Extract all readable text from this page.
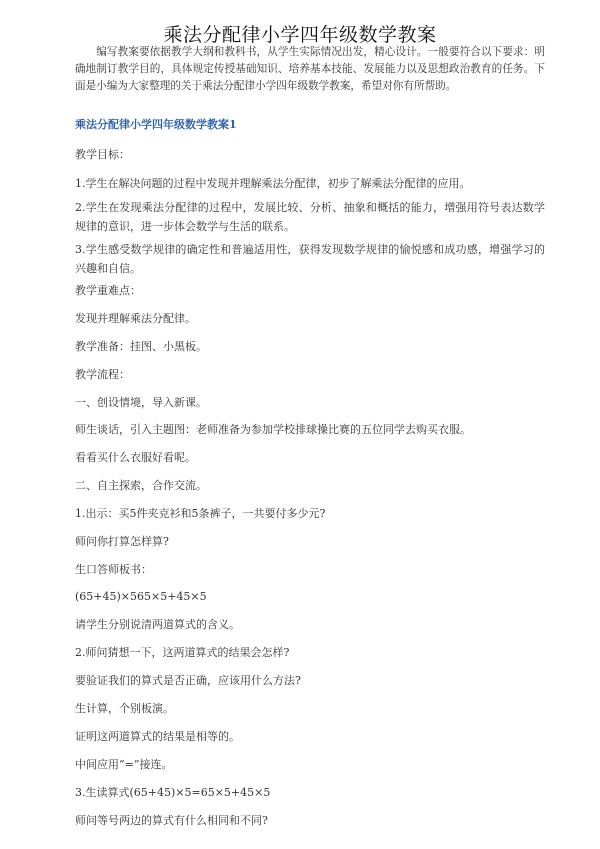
乘法分配律小学四年级数学教案
编写教案要依据教学大纲和教科书，从学生实际情况出发，精心设计。一般要符合以下要求：明确地制订教学目的，具体规定传授基础知识、培养基本技能、发展能力以及思想政治教育的任务。下面是小编为大家整理的关于乘法分配律小学四年级数学教案，希望对你有所帮助。
乘法分配律小学四年级数学教案1
教学目标：
1.学生在解决问题的过程中发现并理解乘法分配律，初步了解乘法分配律的应用。
2.学生在发现乘法分配律的过程中，发展比较、分析、抽象和概括的能力，增强用符号表达数学规律的意识，进一步体会数学与生活的联系。
3.学生感受数学规律的确定性和普遍适用性，获得发现数学规律的愉悦感和成功感，增强学习的兴趣和自信。
教学重难点：
发现并理解乘法分配律。
教学准备：挂图、小黑板。
教学流程：
一、创设情境，导入新课。
师生谈话，引入主题图：老师准备为参加学校排球操比赛的五位同学去购买衣服。
看看买什么衣服好看呢。
二、自主探索，合作交流。
1.出示：买5件夹克衫和5条裤子，一共要付多少元?
师问你打算怎样算?
生口答师板书：
(65+45)×565×5+45×5
请学生分别说清两道算式的含义。
2.师问猜想一下，这两道算式的结果会怎样?
要验证我们的算式是否正确，应该用什么方法?
生计算，个别板演。
证明这两道算式的结果是相等的。
中间应用“=”接连。
3.生读算式(65+45)×5=65×5+45×5
师问等号两边的算式有什么相同和不同?
